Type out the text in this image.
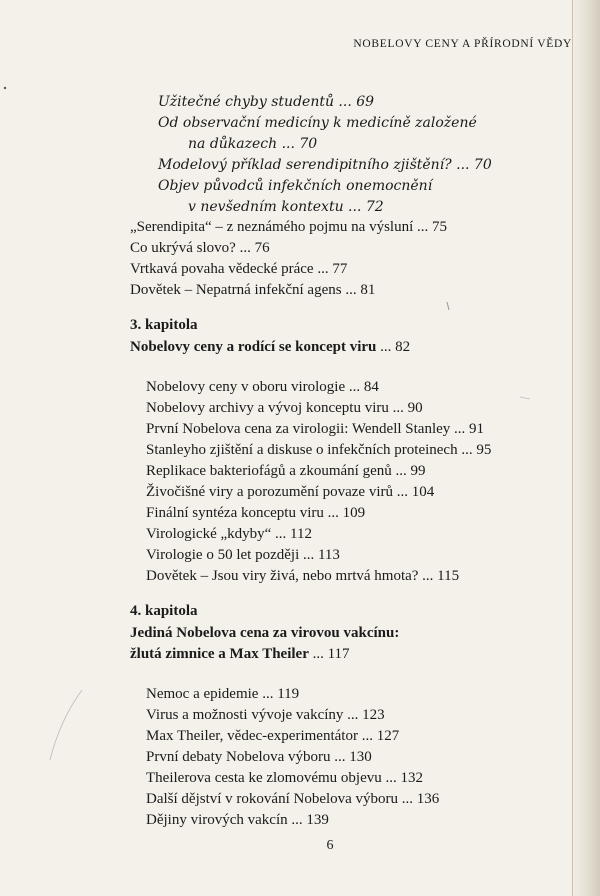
NOBELOVY CENY A PŘÍRODNÍ VĚDY
Užitečné chyby studentů ... 69
Od observační medicíny k medicíně založené
na důkazech ... 70
Modelový příklad serendipitního zjištění? ... 70
Objev původců infekčních onemocnění
v nevšedním kontextu ... 72
„Serendipita“ – z neznámého pojmu na výsluní ... 75
Co ukrývá slovo? ... 76
Vrtkavá povaha vědecké práce ... 77
Dovětek – Nepatrná infekční agens ... 81
3. kapitola
Nobelovy ceny a rodící se koncept viru ... 82
Nobelovy ceny v oboru virologie ... 84
Nobelovy archivy a vývoj konceptu viru ... 90
První Nobelova cena za virologii: Wendell Stanley ... 91
Stanleyho zjištění a diskuse o infekčních proteinech ... 95
Replikace bakteriofágů a zkoumání genů ... 99
Živočišné viry a porozumění povaze virů ... 104
Finální syntéza konceptu viru ... 109
Virologické „kdyby“ ... 112
Virologie o 50 let později ... 113
Dovětek – Jsou viry živá, nebo mrtvá hmota? ... 115
4. kapitola
Jediná Nobelova cena za virovou vakcínu:
žlutá zimnice a Max Theiler ... 117
Nemoc a epidemie ... 119
Virus a možnosti vývoje vakcíny ... 123
Max Theiler, vědec-experimentátor ... 127
První debaty Nobelova výboru ... 130
Theilerova cesta ke zlomovému objevu ... 132
Další dějství v rokování Nobelova výboru ... 136
Dějiny virových vakcín ... 139
6
